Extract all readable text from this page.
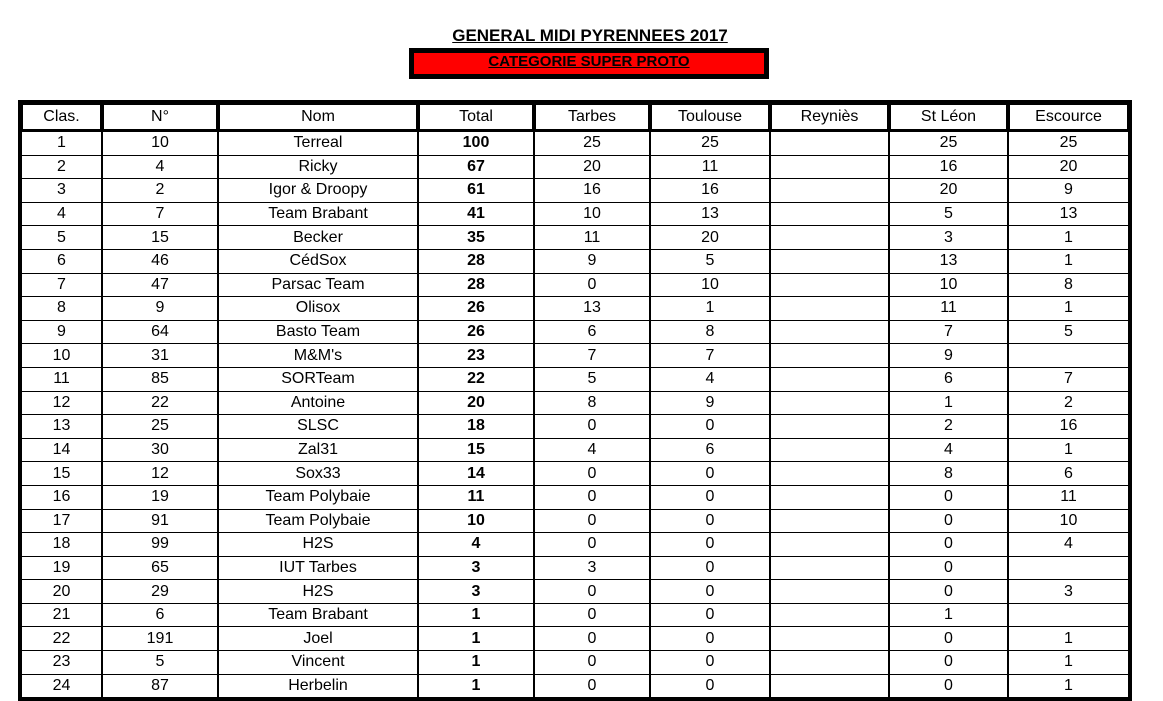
GENERAL MIDI PYRENNEES 2017
CATEGORIE SUPER PROTO
Clas.	N°	Nom	Total	Tarbes	Toulouse	Reyniès	St Léon	Escource
1	10	Terreal	100	25	25		25	25
2	4	Ricky	67	20	11		16	20
3	2	Igor & Droopy	61	16	16		20	9
4	7	Team Brabant	41	10	13		5	13
5	15	Becker	35	11	20		3	1
6	46	CédSox	28	9	5		13	1
7	47	Parsac Team	28	0	10		10	8
8	9	Olisox	26	13	1		11	1
9	64	Basto Team	26	6	8		7	5
10	31	M&M's	23	7	7		9	
11	85	SORTeam	22	5	4		6	7
12	22	Antoine	20	8	9		1	2
13	25	SLSC	18	0	0		2	16
14	30	Zal31	15	4	6		4	1
15	12	Sox33	14	0	0		8	6
16	19	Team Polybaie	11	0	0		0	11
17	91	Team Polybaie	10	0	0		0	10
18	99	H2S	4	0	0		0	4
19	65	IUT Tarbes	3	3	0		0	
20	29	H2S	3	0	0		0	3
21	6	Team Brabant	1	0	0		1	
22	191	Joel	1	0	0		0	1
23	5	Vincent	1	0	0		0	1
24	87	Herbelin	1	0	0		0	1
